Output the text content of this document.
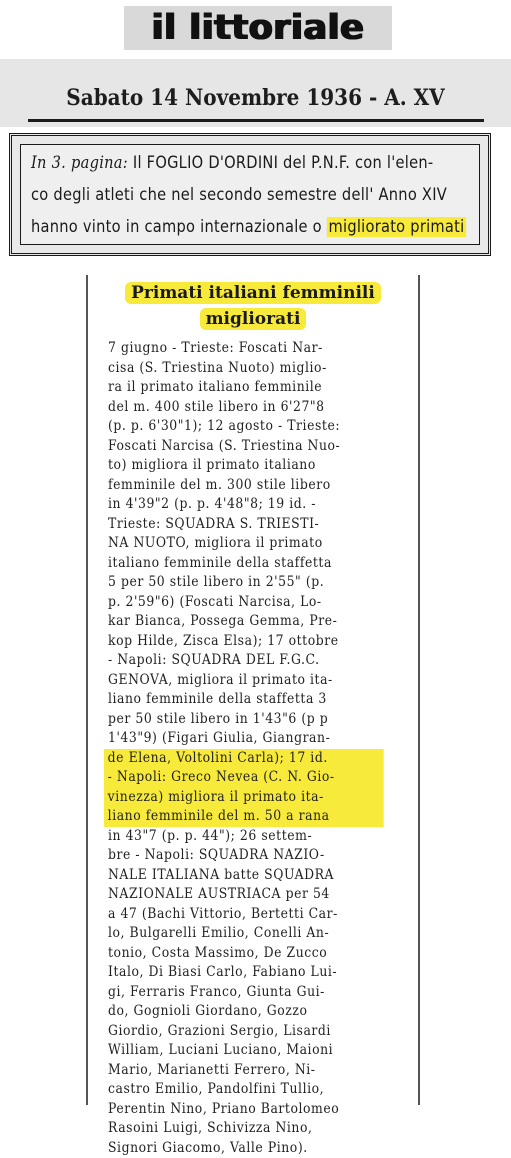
il littoriale
Sabato 14 Novembre 1936 - A. XV
In 3. pagina: Il FOGLIO D'ORDINI del P.N.F. con l'elen-
co degli atleti che nel secondo semestre dell' Anno XIV
hanno vinto in campo internazionale o migliorato primati
Primati italiani femminili
migliorati
7 giugno - Trieste: Foscati Nar-
cisa (S. Triestina Nuoto) miglio-
ra il primato italiano femminile
del m. 400 stile libero in 6'27"8
(p. p. 6'30"1); 12 agosto - Trieste:
Foscati Narcisa (S. Triestina Nuo-
to) migliora il primato italiano
femminile del m. 300 stile libero
in 4'39"2 (p. p. 4'48"8; 19 id. -
Trieste: SQUADRA S. TRIESTI-
NA NUOTO, migliora il primato
italiano femminile della staffetta
5 per 50 stile libero in 2'55" (p.
p. 2'59"6) (Foscati Narcisa, Lo-
kar Bianca, Possega Gemma, Pre-
kop Hilde, Zisca Elsa); 17 ottobre
- Napoli: SQUADRA DEL F.G.C.
GENOVA, migliora il primato ita-
liano femminile della staffetta 3
per 50 stile libero in 1'43"6 (p p
1'43"9) (Figari Giulia, Giangran-
de Elena, Voltolini Carla); 17 id.
- Napoli: Greco Nevea (C. N. Gio-
vinezza) migliora il primato ita-
liano femminile del m. 50 a rana
in 43"7 (p. p. 44"); 26 settem-
bre - Napoli: SQUADRA NAZIO-
NALE ITALIANA batte SQUADRA
NAZIONALE AUSTRIACA per 54
a 47 (Bachi Vittorio, Bertetti Car-
lo, Bulgarelli Emilio, Conelli An-
tonio, Costa Massimo, De Zucco
Italo, Di Biasi Carlo, Fabiano Lui-
gi, Ferraris Franco, Giunta Gui-
do, Gognioli Giordano, Gozzo
Giordio, Grazioni Sergio, Lisardi
William, Luciani Luciano, Maioni
Mario, Marianetti Ferrero, Ni-
castro Emilio, Pandolfini Tullio,
Perentin Nino, Priano Bartolomeo
Rasoini Luigi, Schivizza Nino,
Signori Giacomo, Valle Pino).
